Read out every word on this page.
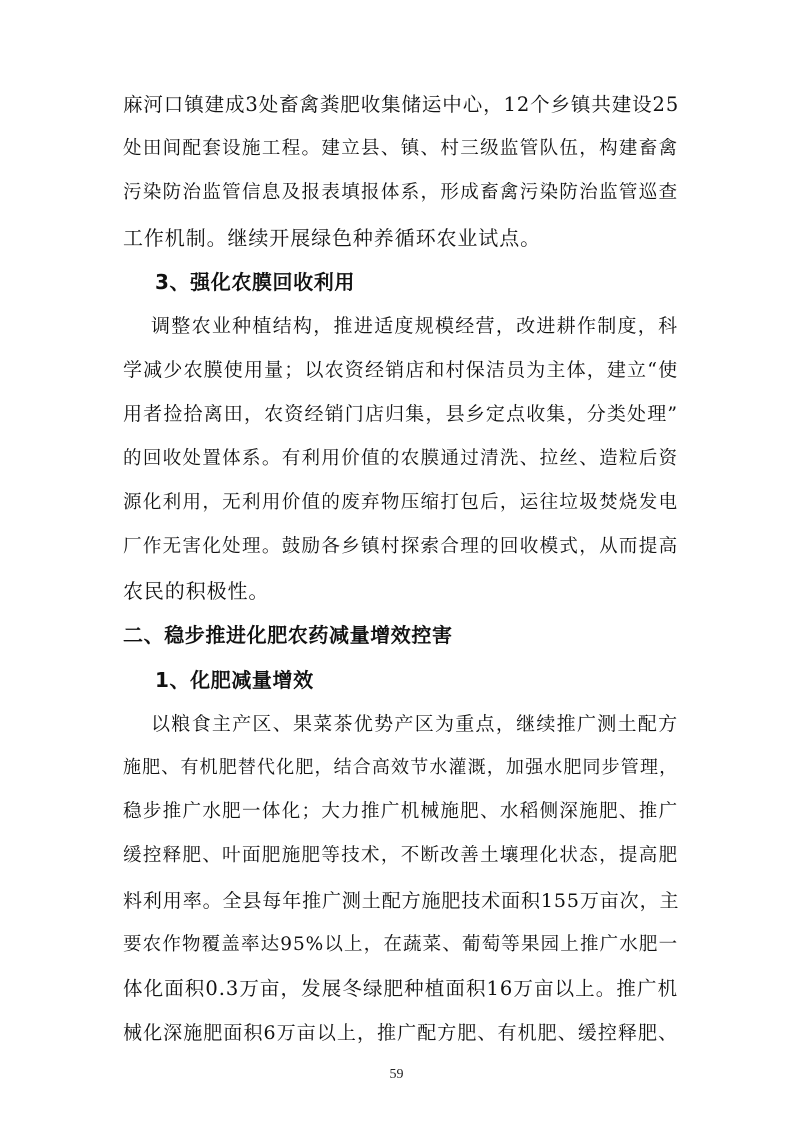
麻河口镇建成3处畜禽粪肥收集储运中心，12个乡镇共建设25
处田间配套设施工程。建立县、镇、村三级监管队伍，构建畜禽
污染防治监管信息及报表填报体系，形成畜禽污染防治监管巡查
工作机制。继续开展绿色种养循环农业试点。
3、强化农膜回收利用
调整农业种植结构，推进适度规模经营，改进耕作制度，科
学减少农膜使用量；以农资经销店和村保洁员为主体，建立“使
用者捡拾离田，农资经销门店归集，县乡定点收集，分类处理”
的回收处置体系。有利用价值的农膜通过清洗、拉丝、造粒后资
源化利用，无利用价值的废弃物压缩打包后，运往垃圾焚烧发电
厂作无害化处理。鼓励各乡镇村探索合理的回收模式，从而提高
农民的积极性。
二、稳步推进化肥农药减量增效控害
1、化肥减量增效
以粮食主产区、果菜茶优势产区为重点，继续推广测土配方
施肥、有机肥替代化肥，结合高效节水灌溉，加强水肥同步管理，
稳步推广水肥一体化；大力推广机械施肥、水稻侧深施肥、推广
缓控释肥、叶面肥施肥等技术，不断改善土壤理化状态，提高肥
料利用率。全县每年推广测土配方施肥技术面积155万亩次，主
要农作物覆盖率达95%以上，在蔬菜、葡萄等果园上推广水肥一
体化面积0.3万亩，发展冬绿肥种植面积16万亩以上。推广机
械化深施肥面积6万亩以上，推广配方肥、有机肥、缓控释肥、
59
